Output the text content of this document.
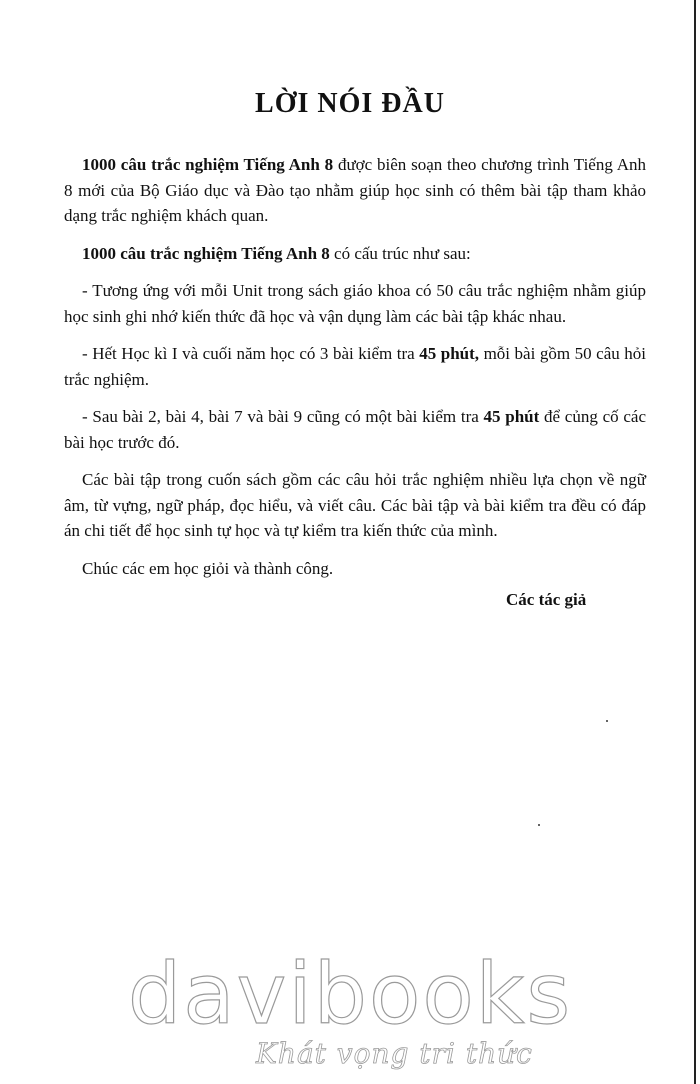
LỜI NÓI ĐẦU

1000 câu trắc nghiệm Tiếng Anh 8 được biên soạn theo chương trình Tiếng Anh 8 mới của Bộ Giáo dục và Đào tạo nhằm giúp học sinh có thêm bài tập tham khảo dạng trắc nghiệm khách quan.

1000 câu trắc nghiệm Tiếng Anh 8 có cấu trúc như sau:

- Tương ứng với mỗi Unit trong sách giáo khoa có 50 câu trắc nghiệm nhằm giúp học sinh ghi nhớ kiến thức đã học và vận dụng làm các bài tập khác nhau.

- Hết Học kì I và cuối năm học có 3 bài kiểm tra 45 phút, mỗi bài gồm 50 câu hỏi trắc nghiệm.

- Sau bài 2, bài 4, bài 7 và bài 9 cũng có một bài kiểm tra 45 phút để củng cố các bài học trước đó.

Các bài tập trong cuốn sách gồm các câu hỏi trắc nghiệm nhiều lựa chọn về ngữ âm, từ vựng, ngữ pháp, đọc hiểu, và viết câu. Các bài tập và bài kiểm tra đều có đáp án chi tiết để học sinh tự học và tự kiểm tra kiến thức của mình.

Chúc các em học giỏi và thành công.

Các tác giả
davibooks
Khát vọng tri thức
